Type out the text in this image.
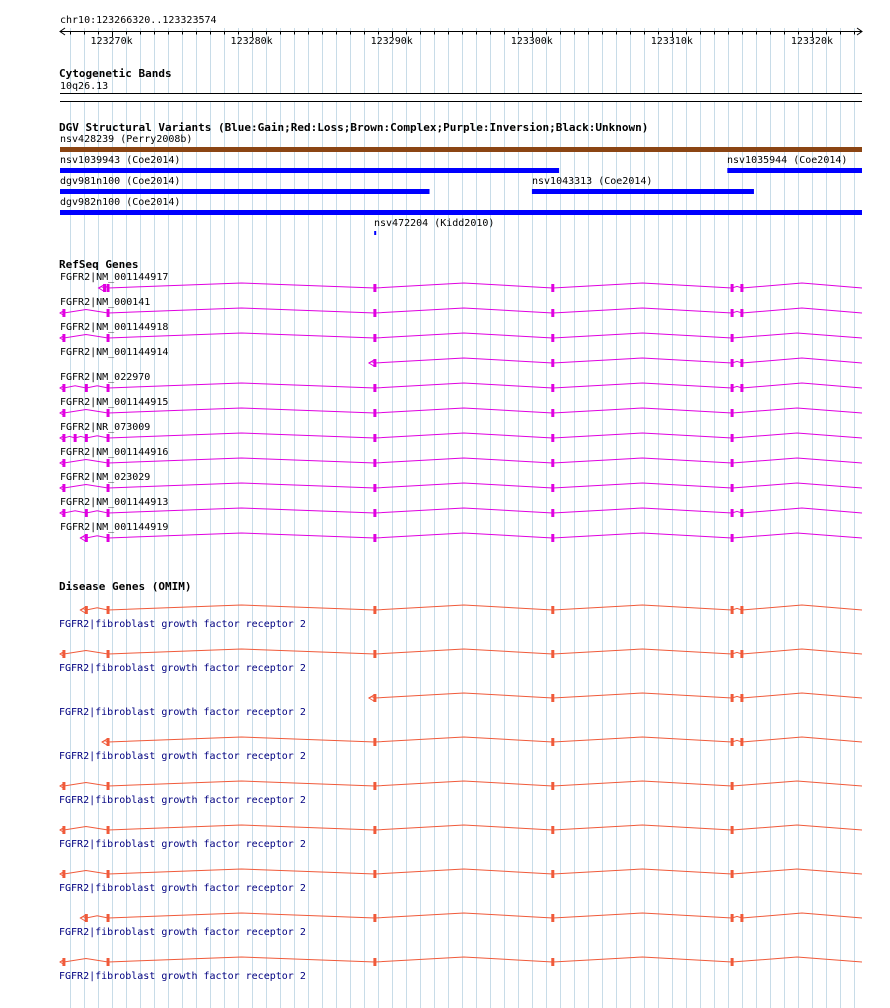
chr10:123266320..123323574
123270k	123280k	123290k	123300k	123310k	123320k
Cytogenetic Bands
10q26.13
DGV Structural Variants (Blue:Gain;Red:Loss;Brown:Complex;Purple:Inversion;Black:Unknown)
RefSeq Genes
Disease Genes (OMIM)
nsv428239 (Perry2008b)
nsv1039943 (Coe2014)	nsv1035944 (Coe2014)
dgv981n100 (Coe2014)	nsv1043313 (Coe2014)
dgv982n100 (Coe2014)
nsv472204 (Kidd2010)
FGFR2|NM_001144917
FGFR2|NM_000141
FGFR2|NM_001144918
FGFR2|NM_001144914
FGFR2|NM_022970
FGFR2|NM_001144915
FGFR2|NR_073009
FGFR2|NM_001144916
FGFR2|NM_023029
FGFR2|NM_001144913
FGFR2|NM_001144919
FGFR2|fibroblast growth factor receptor 2
FGFR2|fibroblast growth factor receptor 2
FGFR2|fibroblast growth factor receptor 2
FGFR2|fibroblast growth factor receptor 2
FGFR2|fibroblast growth factor receptor 2
FGFR2|fibroblast growth factor receptor 2
FGFR2|fibroblast growth factor receptor 2
FGFR2|fibroblast growth factor receptor 2
FGFR2|fibroblast growth factor receptor 2
